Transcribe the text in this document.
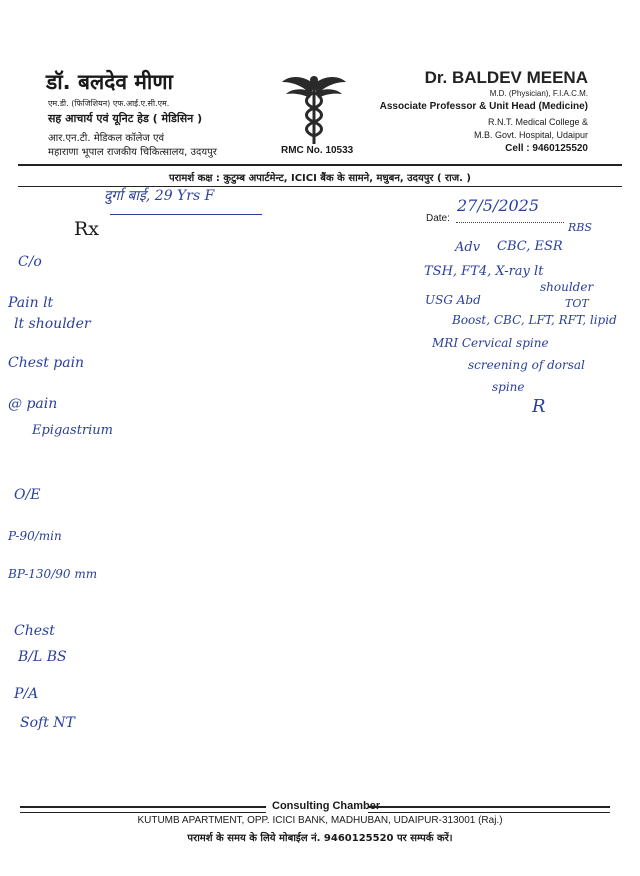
डॉ. बलदेव मीणा
एम.डी. (फिजिशियन) एफ.आई.ए.सी.एम.
सह आचार्य एवं यूनिट हेड ( मेडिसिन )
आर.एन.टी. मेडिकल कॉलेज एवं
महाराणा भूपाल राजकीय चिकित्सालय, उदयपुर	RMC No. 10533
Dr. BALDEV MEENA
M.D. (Physician), F.I.A.C.M.
Associate Professor & Unit Head (Medicine)
R.N.T. Medical College &
M.B. Govt. Hospital, Udaipur
Cell : 9460125520
परामर्श कक्ष : कुटुम्ब अपार्टमेन्ट, ICICI बैंक के सामने, मधुबन, उदयपुर ( राज. )
Rx	Date:
दुर्गा बाई, 29 Yrs F	27/5/2025
C/o
Pain lt
lt shoulder
Chest pain
@ pain
Epigastrium
O/E
P-90/min
BP-130/90 mm
Chest
B/L BS
P/A
Soft NT
Adv CBC, ESR
RBS
TSH, FT4, X-ray lt
shoulder
USG Abd	TOT
Boost, CBC, LFT, RFT, lipid
MRI Cervical spine
screening of dorsal
spine
R
Consulting Chamber
KUTUMB APARTMENT, OPP. ICICI BANK, MADHUBAN, UDAIPUR-313001 (Raj.)
परामर्श के समय के लिये मोबाईल नं. 9460125520 पर सम्पर्क करें।
